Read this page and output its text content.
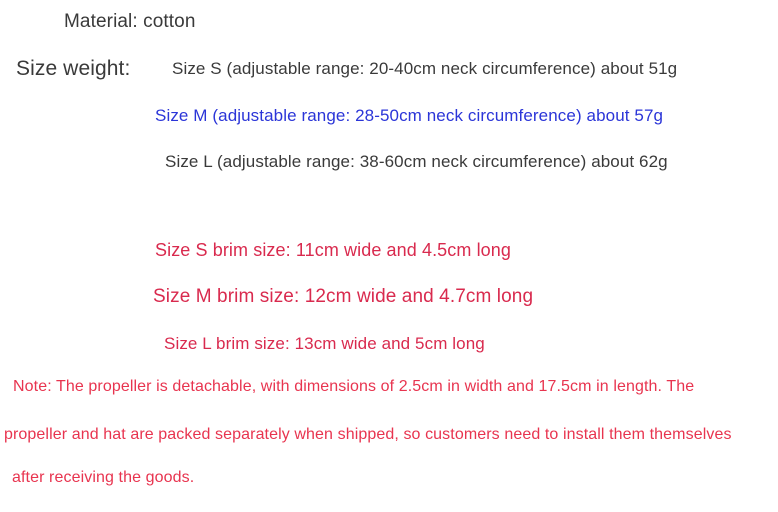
Material: cotton
Size weight: Size S (adjustable range: 20-40cm neck circumference) about 51g
Size M (adjustable range: 28-50cm neck circumference) about 57g
Size L (adjustable range: 38-60cm neck circumference) about 62g
Size S brim size: 11cm wide and 4.5cm long
Size M brim size: 12cm wide and 4.7cm long
Size L brim size: 13cm wide and 5cm long
Note: The propeller is detachable, with dimensions of 2.5cm in width and 17.5cm in length. The
propeller and hat are packed separately when shipped, so customers need to install them themselves
after receiving the goods.
